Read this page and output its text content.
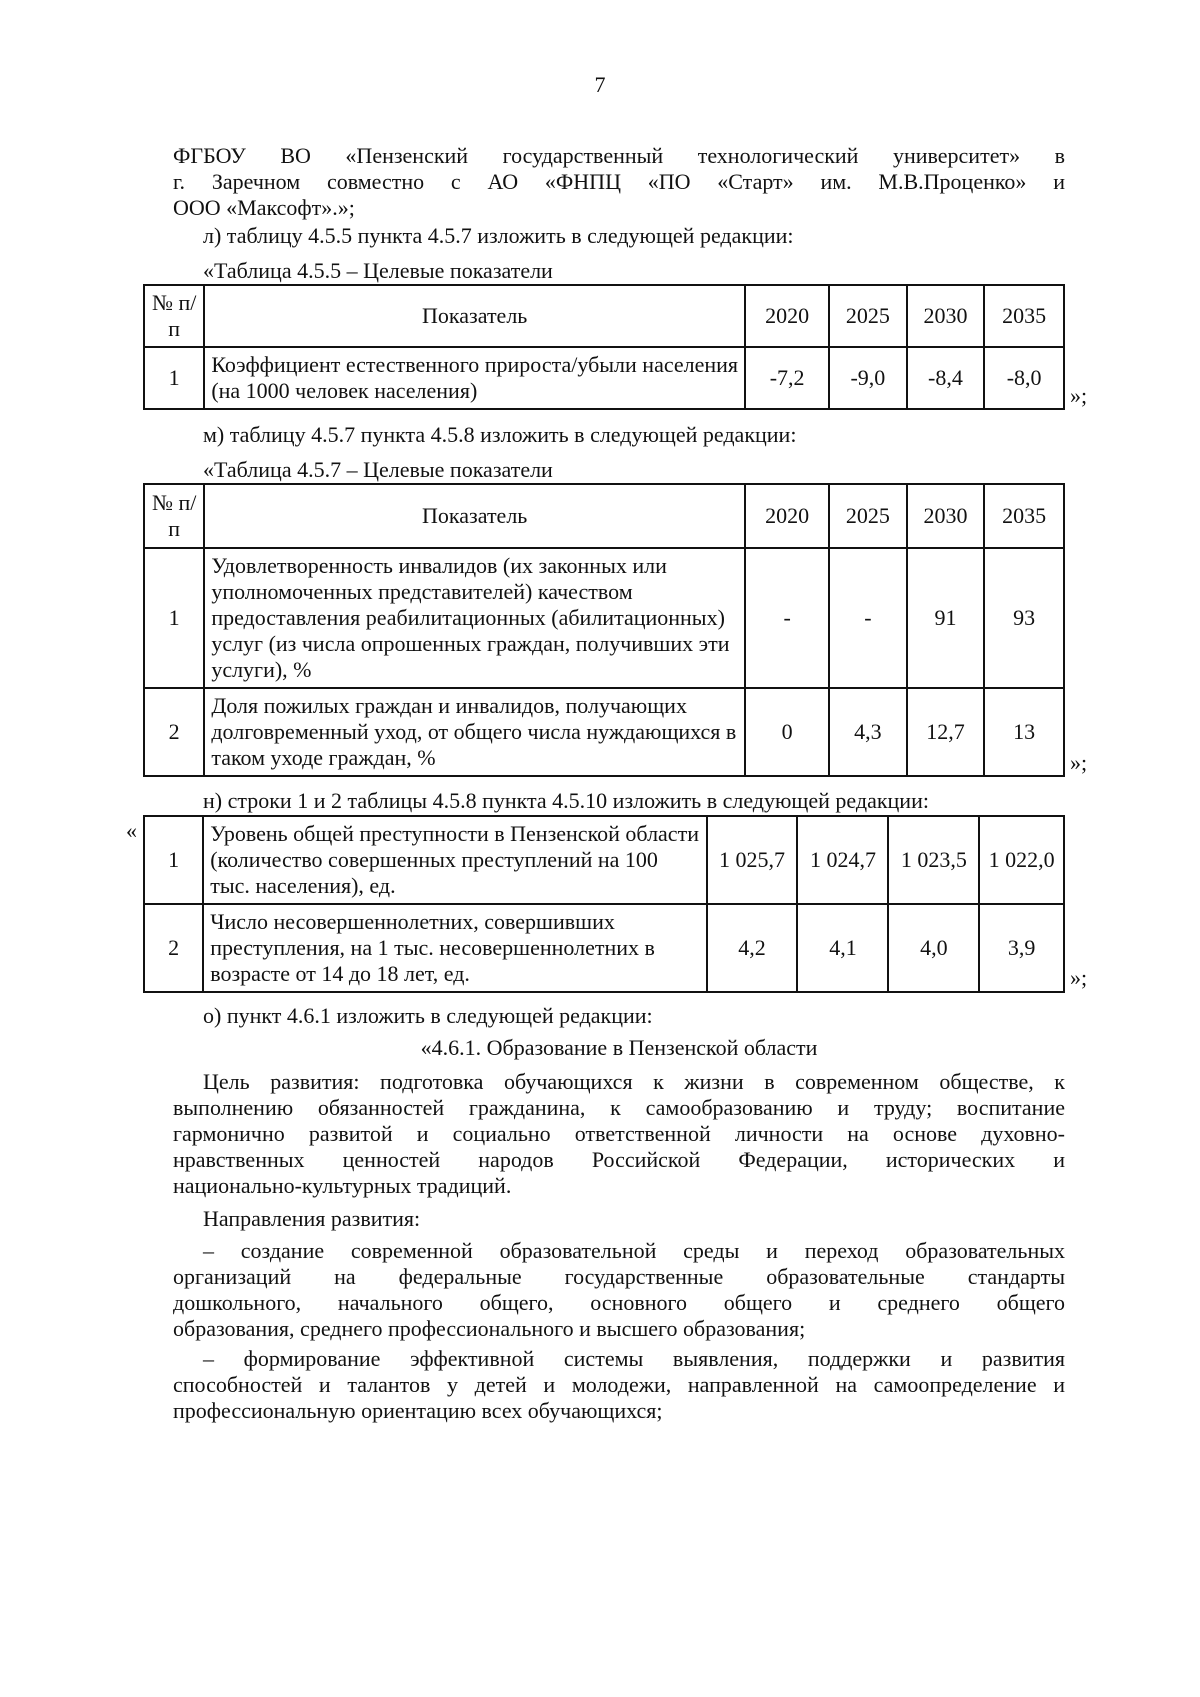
7
ФГБОУ ВО «Пензенский государственный технологический университет» в
г. Заречном совместно с АО «ФНПЦ «ПО «Старт» им. М.В.Проценко» и
ООО «Максофт».»;
л) таблицу 4.5.5 пункта 4.5.7 изложить в следующей редакции:
«Таблица 4.5.5 – Целевые показатели
№ п/п	Показатель	2020	2025	2030	2035
1	Коэффициент естественного прироста/убыли населения (на 1000 человек населения)	-7,2	-9,0	-8,4	-8,0
»;
м) таблицу 4.5.7 пункта 4.5.8 изложить в следующей редакции:
«Таблица 4.5.7 – Целевые показатели
№ п/п	Показатель	2020	2025	2030	2035
1	Удовлетворенность инвалидов (их законных или уполномоченных представителей) качеством предоставления реабилитационных (абилитационных) услуг (из числа опрошенных граждан, получивших эти услуги), %	-	-	91	93
2	Доля пожилых граждан и инвалидов, получающих долговременный уход, от общего числа нуждающихся в таком уходе граждан, %	0	4,3	12,7	13
»;
н) строки 1 и 2 таблицы 4.5.8 пункта 4.5.10 изложить в следующей редакции:
«
1	Уровень общей преступности в Пензенской области (количество совершенных преступлений на 100 тыс. населения), ед.	1 025,7	1 024,7	1 023,5	1 022,0
2	Число несовершеннолетних, совершивших преступления, на 1 тыс. несовершеннолетних в возрасте от 14 до 18 лет, ед.	4,2	4,1	4,0	3,9
»;
о) пункт 4.6.1 изложить в следующей редакции:
«4.6.1. Образование в Пензенской области
Цель развития: подготовка обучающихся к жизни в современном обществе, к
выполнению обязанностей гражданина, к самообразованию и труду; воспитание
гармонично развитой и социально ответственной личности на основе духовно-
нравственных ценностей народов Российской Федерации, исторических и
национально-культурных традиций.
Направления развития:
– создание современной образовательной среды и переход образовательных
организаций на федеральные государственные образовательные стандарты
дошкольного, начального общего, основного общего и среднего общего
образования, среднего профессионального и высшего образования;
– формирование эффективной системы выявления, поддержки и развития
способностей и талантов у детей и молодежи, направленной на самоопределение и
профессиональную ориентацию всех обучающихся;
